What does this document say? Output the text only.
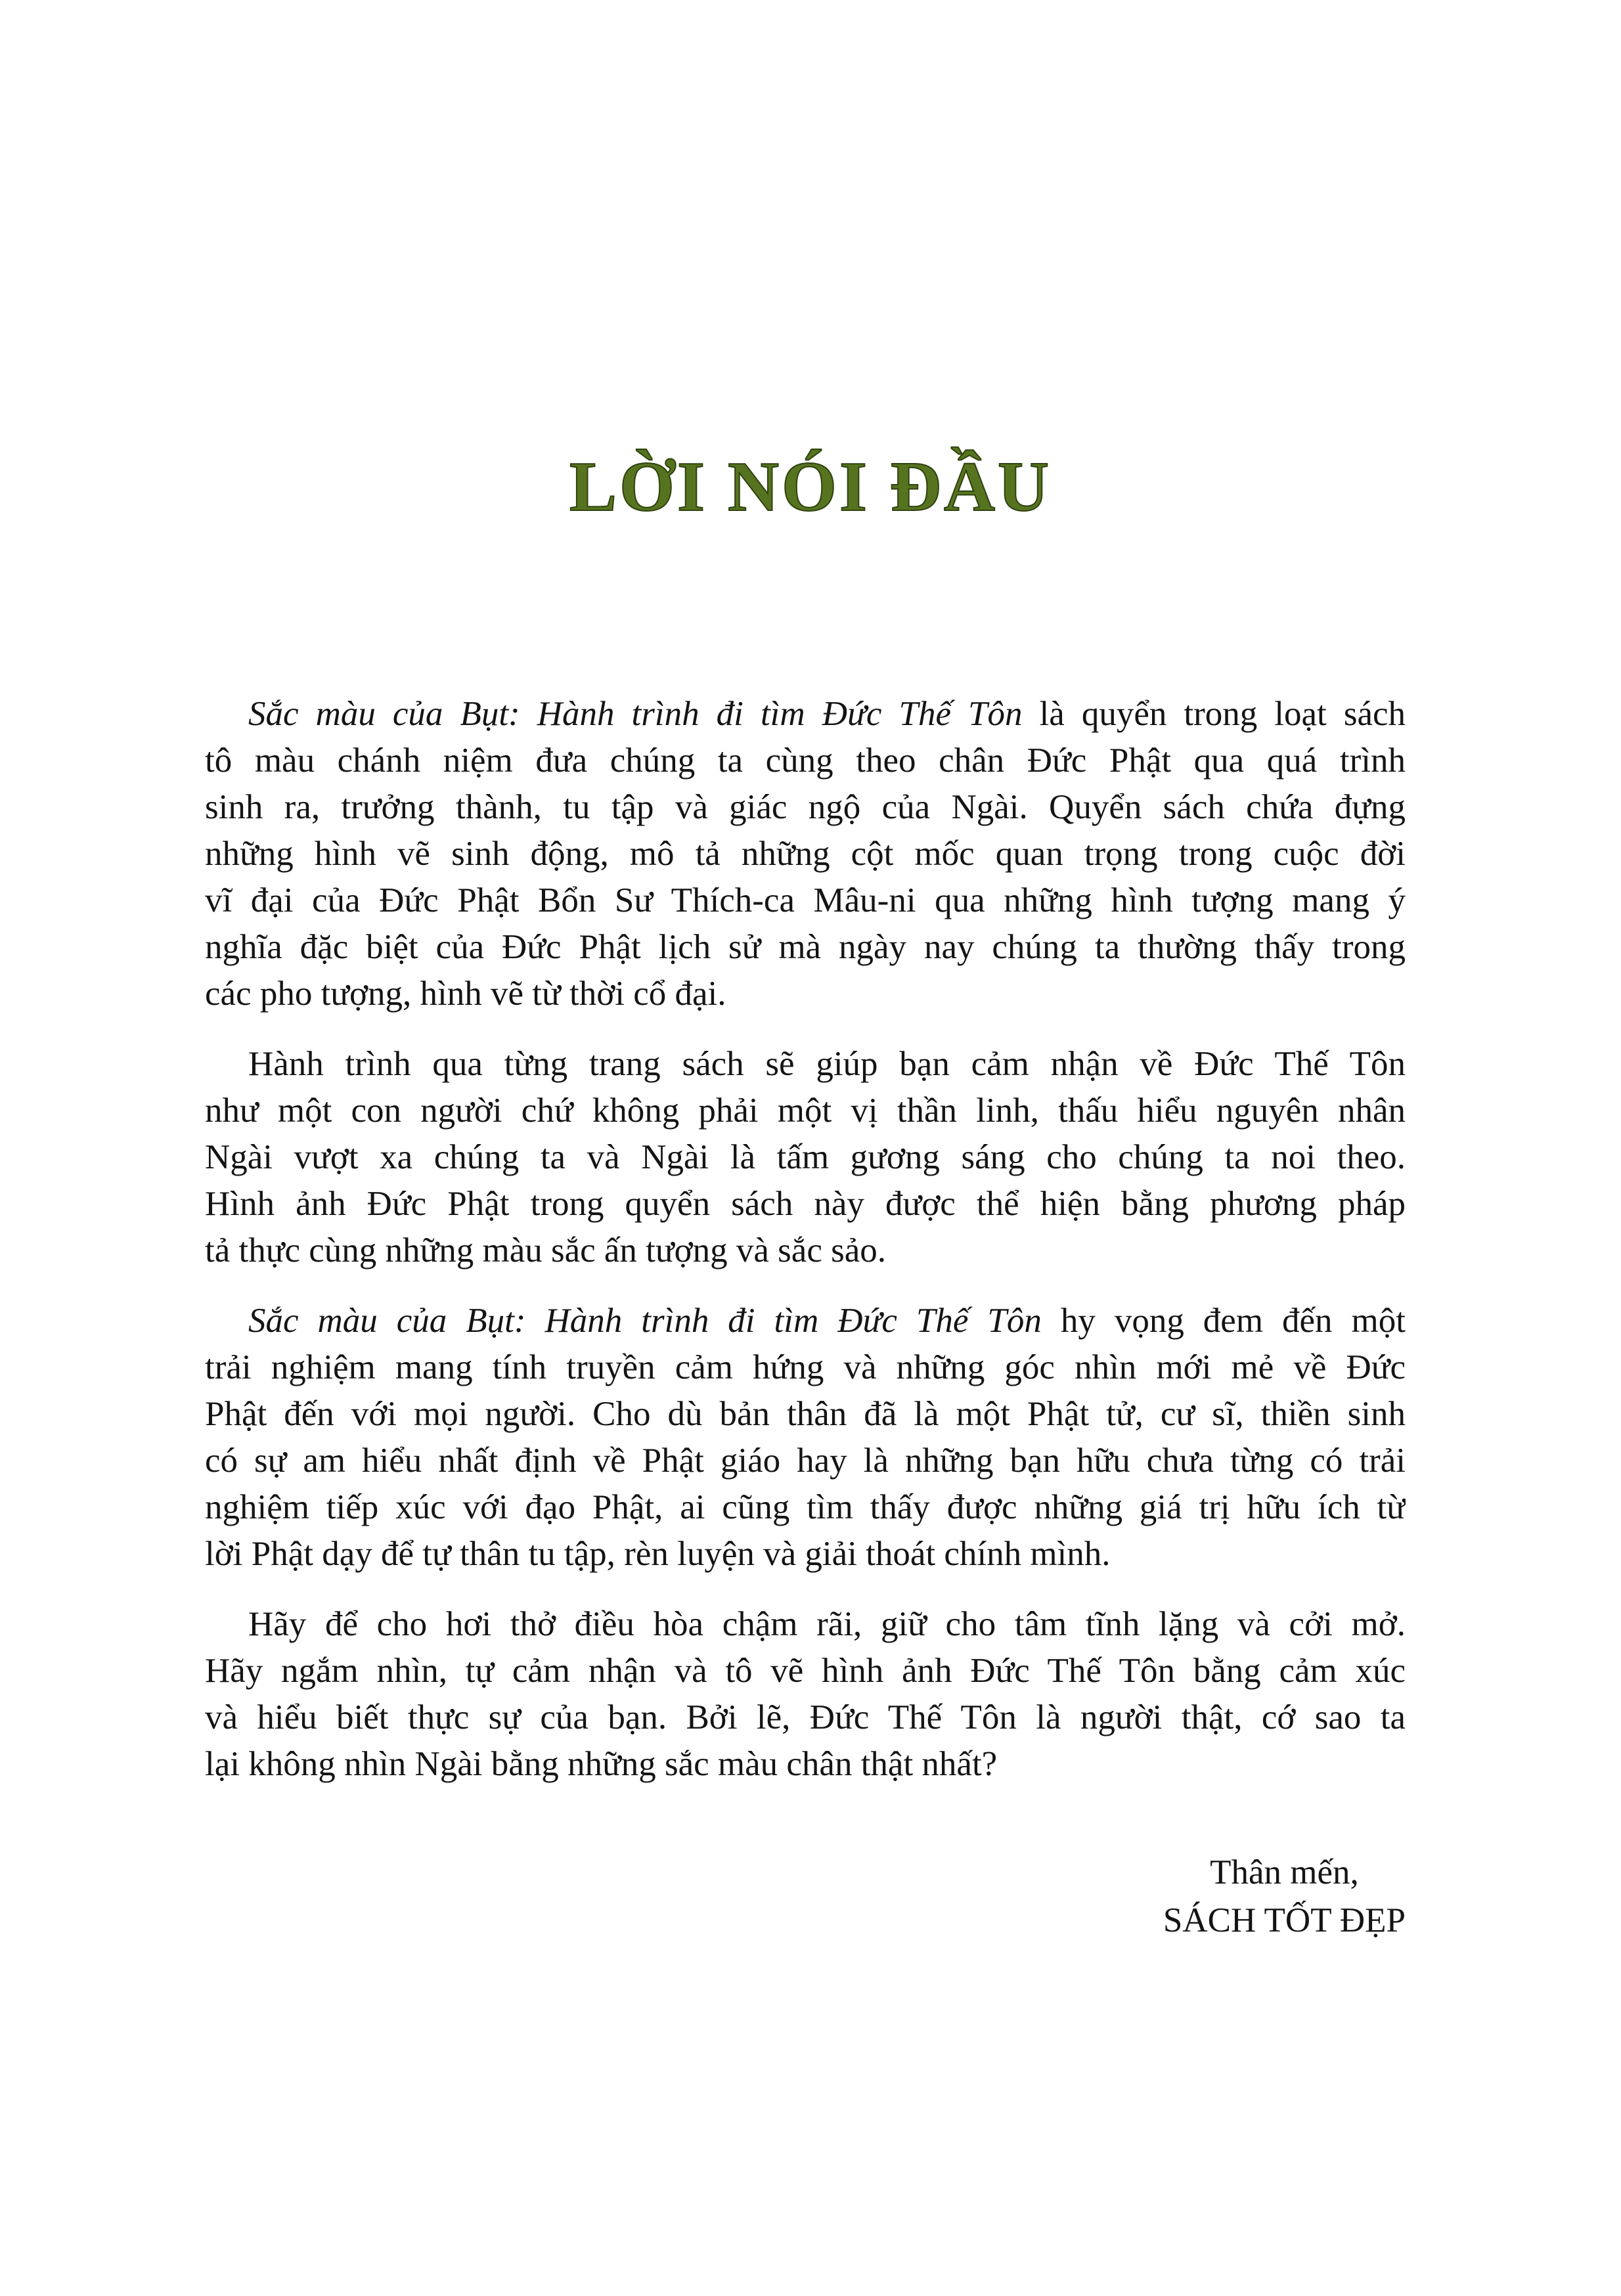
LỜI NÓI ĐẦU
Sắc màu của Bụt: Hành trình đi tìm Đức Thế Tôn là quyển trong loạt sách
tô màu chánh niệm đưa chúng ta cùng theo chân Đức Phật qua quá trình
sinh ra, trưởng thành, tu tập và giác ngộ của Ngài. Quyển sách chứa đựng
những hình vẽ sinh động, mô tả những cột mốc quan trọng trong cuộc đời
vĩ đại của Đức Phật Bổn Sư Thích-ca Mâu-ni qua những hình tượng mang ý
nghĩa đặc biệt của Đức Phật lịch sử mà ngày nay chúng ta thường thấy trong
các pho tượng, hình vẽ từ thời cổ đại.
Hành trình qua từng trang sách sẽ giúp bạn cảm nhận về Đức Thế Tôn
như một con người chứ không phải một vị thần linh, thấu hiểu nguyên nhân
Ngài vượt xa chúng ta và Ngài là tấm gương sáng cho chúng ta noi theo.
Hình ảnh Đức Phật trong quyển sách này được thể hiện bằng phương pháp
tả thực cùng những màu sắc ấn tượng và sắc sảo.
Sắc màu của Bụt: Hành trình đi tìm Đức Thế Tôn hy vọng đem đến một
trải nghiệm mang tính truyền cảm hứng và những góc nhìn mới mẻ về Đức
Phật đến với mọi người. Cho dù bản thân đã là một Phật tử, cư sĩ, thiền sinh
có sự am hiểu nhất định về Phật giáo hay là những bạn hữu chưa từng có trải
nghiệm tiếp xúc với đạo Phật, ai cũng tìm thấy được những giá trị hữu ích từ
lời Phật dạy để tự thân tu tập, rèn luyện và giải thoát chính mình.
Hãy để cho hơi thở điều hòa chậm rãi, giữ cho tâm tĩnh lặng và cởi mở.
Hãy ngắm nhìn, tự cảm nhận và tô vẽ hình ảnh Đức Thế Tôn bằng cảm xúc
và hiểu biết thực sự của bạn. Bởi lẽ, Đức Thế Tôn là người thật, cớ sao ta
lại không nhìn Ngài bằng những sắc màu chân thật nhất?
Thân mến,
SÁCH TỐT ĐẸP
